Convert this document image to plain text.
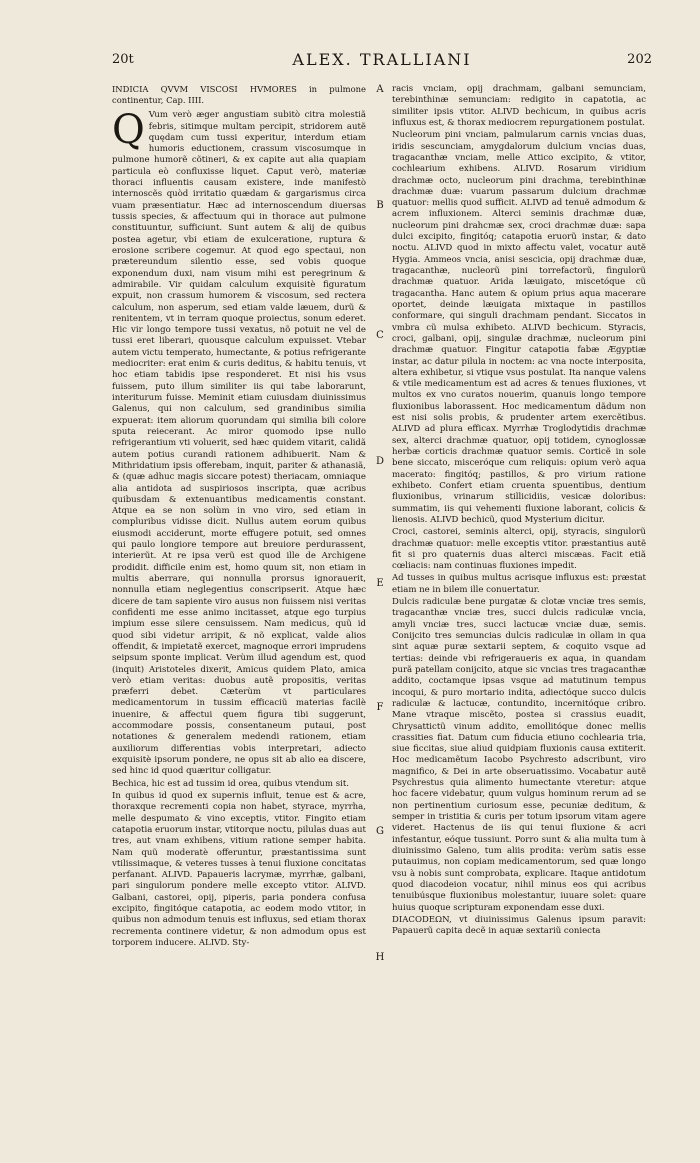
20t	ALEX. TRALLIANI	202

INDICIA QVVM VISCOSI HVMORES in pulmone continentur, Cap. IIII.

Q Vum verò æger angustiam subitò citra molestiã febris, sitimque multam percipit, stridorem autẽ quędam cum tussi experitur, interdum etiam humoris eductionem, crassum viscosumque in pulmone humorẽ cõtineri, & ex capite aut alia quapiam particula eò confluxisse liquet. Caput verò, materiæ thoraci influentis causam existere, inde manifestò internoscẽs quòd irritatio quædam & gargarismus circa vuam præsentiatur. Hæc ad internoscendum diuersas tussis species, & affectuum qui in thorace aut pulmone constituuntur, sufficiunt. Sunt autem & alij de quibus postea agetur, vbi etiam de exulceratione, ruptura & erosione scribere cogemur. At quod ego spectaui, non prætereundum silentio esse, sed vobis quoque exponendum duxi, nam visum mihi est peregrinum & admirabile. Vir quidam calculum exquisitè figuratum expuit, non crassum humorem & viscosum, sed rectera calculum, non asperum, sed etiam valde læuem, durũ & renitentem, vt in terram quoque proiectus, sonum ederet. Hic vir longo tempore tussi vexatus, nõ potuit ne vel de tussi eret liberari, quousque calculum expuisset. Vtebar autem victu temperato, humectante, & potius refrigerante mediocriter: erat enim & curis deditus, & habitu tenuis, vt hoc etiam tabidis ipse responderet. Et nisi his vsus fuissem, puto illum similiter iis qui tabe laborarunt, interiturum fuisse. Meminit etiam cuiusdam diuinissimus Galenus, qui non calculum, sed grandinibus similia expuerat: item aliorum quorundam qui similia bili colore sputa reiecerant. Ac miror quomodo ipse nullo refrigerantium vti voluerit, sed hæc quidem vitarit, calidã autem potius curandi rationem adhibuerit. Nam & Mithridatium ipsis offerebam, inquit, pariter & athanasiã, & (quæ adhuc magis siccare potest) theriacam, omniaque alia antidota ad suspiriosos inscripta, quæ acribus quibusdam & extenuantibus medicamentis constant. Atque ea se non solùm in vno viro, sed etiam in compluribus vidisse dicit. Nullus autem eorum quibus eiusmodi acciderunt, morte effugere potuit, sed omnes qui paulo longiore tempore aut breuiore perdurassent, interierũt. At re ipsa verũ est quod ille de Archigene prodidit. difficile enim est, homo quum sit, non etiam in multis aberrare, qui nonnulla prorsus ignorauerit, nonnulla etiam neglegentius conscripserit. Atque hæc dicere de tam sapiente viro ausus non fuissem nisi veritas confidenti me esse animo incitasset, atque ego turpius impium esse silere censuissem. Nam medicus, quũ id quod sibi videtur arripit, & nõ explicat, valde alios offendit, & impietatẽ exercet, magnoque errori imprudens seipsum sponte implicat. Verùm illud agendum est, quod (inquit) Aristoteles dixerit, Amicus quidem Plato, amica verò etiam veritas: duobus autẽ propositis, veritas præferri debet. Cæterùm vt particulares medicamentorum in tussim efficaciũ materias facilè inuenire, & affectui quem figura tibi suggerunt, accommodare possis, consentaneum putaui, post notationes & generalem medendi rationem, etiam auxiliorum differentias vobis interpretari, adiecto exquisitè ipsorum pondere, ne opus sit ab alio ea discere, sed hinc id quod quæritur colligatur.

Bechica, hic est ad tussim id orea, quibus vtendum sit.

In quibus id quod ex supernis influit, tenue est & acre, thoraxque recrementi copia non habet, styrace, myrrha, melle despumato & vino exceptis, vtitor. Fingito etiam catapotia eruorum instar, vtitorque noctu, pilulas duas aut tres, aut vnam exhibens, vitium ratione semper habita. Nam quũ moderatè offeruntur, præstantissima sunt vtilissimaque, & veteres tusses à tenui fluxione concitatas perfanant. ALIVD. Papaueris lacrymæ, myrrhæ, galbani, pari singulorum pondere melle excepto vtitor. ALIVD. Galbani, castorei, opij, piperis, paria pondera confusa excipito, fingitóque catapotia, ac eodem modo vtitor, in quibus non admodum tenuis est influxus, sed etiam thorax recrementa continere videtur, & non admodum opus est torporem inducere. ALIVD. Sty-

racis vnciam, opij drachmam, galbani semunciam, terebinthinæ semunciam: redigito in capatotia, ac similiter ipsis vtitor. ALIVD bechicum, in quibus acris influxus est, & thorax mediocrem repurgationem postulat.

Nucleorum pini vnciam, palmularum carnis vncias duas, iridis sescunciam, amygdalorum dulcium vncias duas, tragacanthæ vnciam, melle Attico excipito, & vtitor, cochlearium exhibens. ALIVD. Rosarum viridium drachmæ octo, nucleorum pini drachma, terebinthinæ drachmæ duæ: vuarum passarum dulcium drachmæ quatuor: mellis quod sufficit. ALIVD ad tenuẽ admodum & acrem influxionem. Alterci seminis drachmæ duæ, nucleorum pini drahcmæ sex, croci drachmæ duæ: sapa dulci excipito, fingitóq; catapotia eruorũ instar, & dato noctu. ALIVD quod in mixto affectu valet, vocatur autẽ Hygia. Ammeos vncia, anisi sescicia, opij drachmæ duæ, tragacanthæ, nucleorũ pini torrefactorũ, fingulorũ drachmæ quatuor. Arida læuigato, miscetóque cũ tragacantha. Hanc autem & opium prius aqua macerare oportet, deinde læuigata mixtaque in pastillos conformare, qui singuli drachmam pendant. Siccatos in vmbra cũ mulsa exhibeto. ALIVD bechicum. Styracis, croci, galbani, opij, singulæ drachmæ, nucleorum pini drachmæ quatuor. Fingitur catapotia fabæ Ægyptiæ instar, ac datur pilula in noctem: ac vna nocte interposita, altera exhibetur, si vtique vsus postulat. Ita nanque valens & vtile medicamentum est ad acres & tenues fluxiones, vt multos ex vno curatos nouerim, quanuis longo tempore fluxionibus laborassent. Hoc medicamentum dãdum non est nisi solis probis, & prudenter artem exercẽtibus. ALIVD ad plura efficax. Myrrhæ Troglodytidis drachmæ sex, alterci drachmæ quatuor, opij totidem, cynoglossæ herbæ corticis drachmæ quatuor semis. Corticẽ in sole bene siccato, misceróque cum reliquis: opium verò aqua macerato: fingitóq; pastillos, & pro virium ratione exhibeto. Confert etiam cruenta spuentibus, dentium fluxionibus, vrinarum stillicidiis, vesicæ doloribus: summatim, iis qui vehementi fluxione laborant, colicis & lienosis. ALIVD bechicũ, quod Mysterium dicitur.

Croci, castorei, seminis alterci, opij, styracis, singulorũ drachmæ quatuor: melle exceptis vtitor. præstantius autẽ fit si pro quaternis duas alterci miscæas. Facit etiã cœliacis: nam continuas fluxiones impedit.

Ad tusses in quibus multus acrisque influxus est: præstat etiam ne in bilem ille conuertatur.

Dulcis radiculæ bene purgatæ & clotæ vnciæ tres semis, tragacanthæ vnciæ tres, succi dulcis radiculæ vncia, amyli vnciæ tres, succi lactucæ vnciæ duæ, semis. Conijcito tres semuncias dulcis radiculæ in ollam in qua sint aquæ puræ sextarii septem, & coquito vsque ad tertias: deinde vbi refrigeraueris ex aqua, in quandam purã patellam conijcito, atque sic vncias tres tragacanthæ addito, coctamque ipsas vsque ad matutinum tempus incoqui, & puro mortario indita, adiectóque succo dulcis radiculæ & lactucæ, contundito, incernitóque cribro. Mane vtraque miscẽto, postea si crassius euadit, Chrysattictũ vinum addito, emollitóque donec mellis crassities fiat. Datum cum fiducia etiuno cochlearia tria, siue ficcitas, siue aliud quidpiam fluxionis causa extiterit. Hoc medicamẽtum Iacobo Psychresto adscribunt, viro magnifico, & Dei in arte obseruatissimo. Vocabatur autẽ Psychrestus quia alimento humectante vteretur: atque hoc facere videbatur, quum vulgus hominum rerum ad se non pertinentium curiosum esse, pecuniæ deditum, & semper in tristitia & curis per totum ipsorum vitam agere videret. Hactenus de iis qui tenui fluxione & acri infestantur, eóque tussiunt. Porro sunt & alia multa tum à diuinissimo Galeno, tum aliis prodita: verùm satis esse putauimus, non copiam medicamentorum, sed quæ longo vsu à nobis sunt comprobata, explicare. Itaque antidotum quod diacodeion vocatur, nihil minus eos qui acribus tenuibúsque fluxionibus molestantur, iuuare solet: quare huius quoque scripturam exponendam esse duxi.

DIACODEΩN, vt diuinissimus Galenus ipsum paravit: Papauerũ capita decẽ in aquæ sextariũ coniecta

A
B
C
D
E
F
G
H
